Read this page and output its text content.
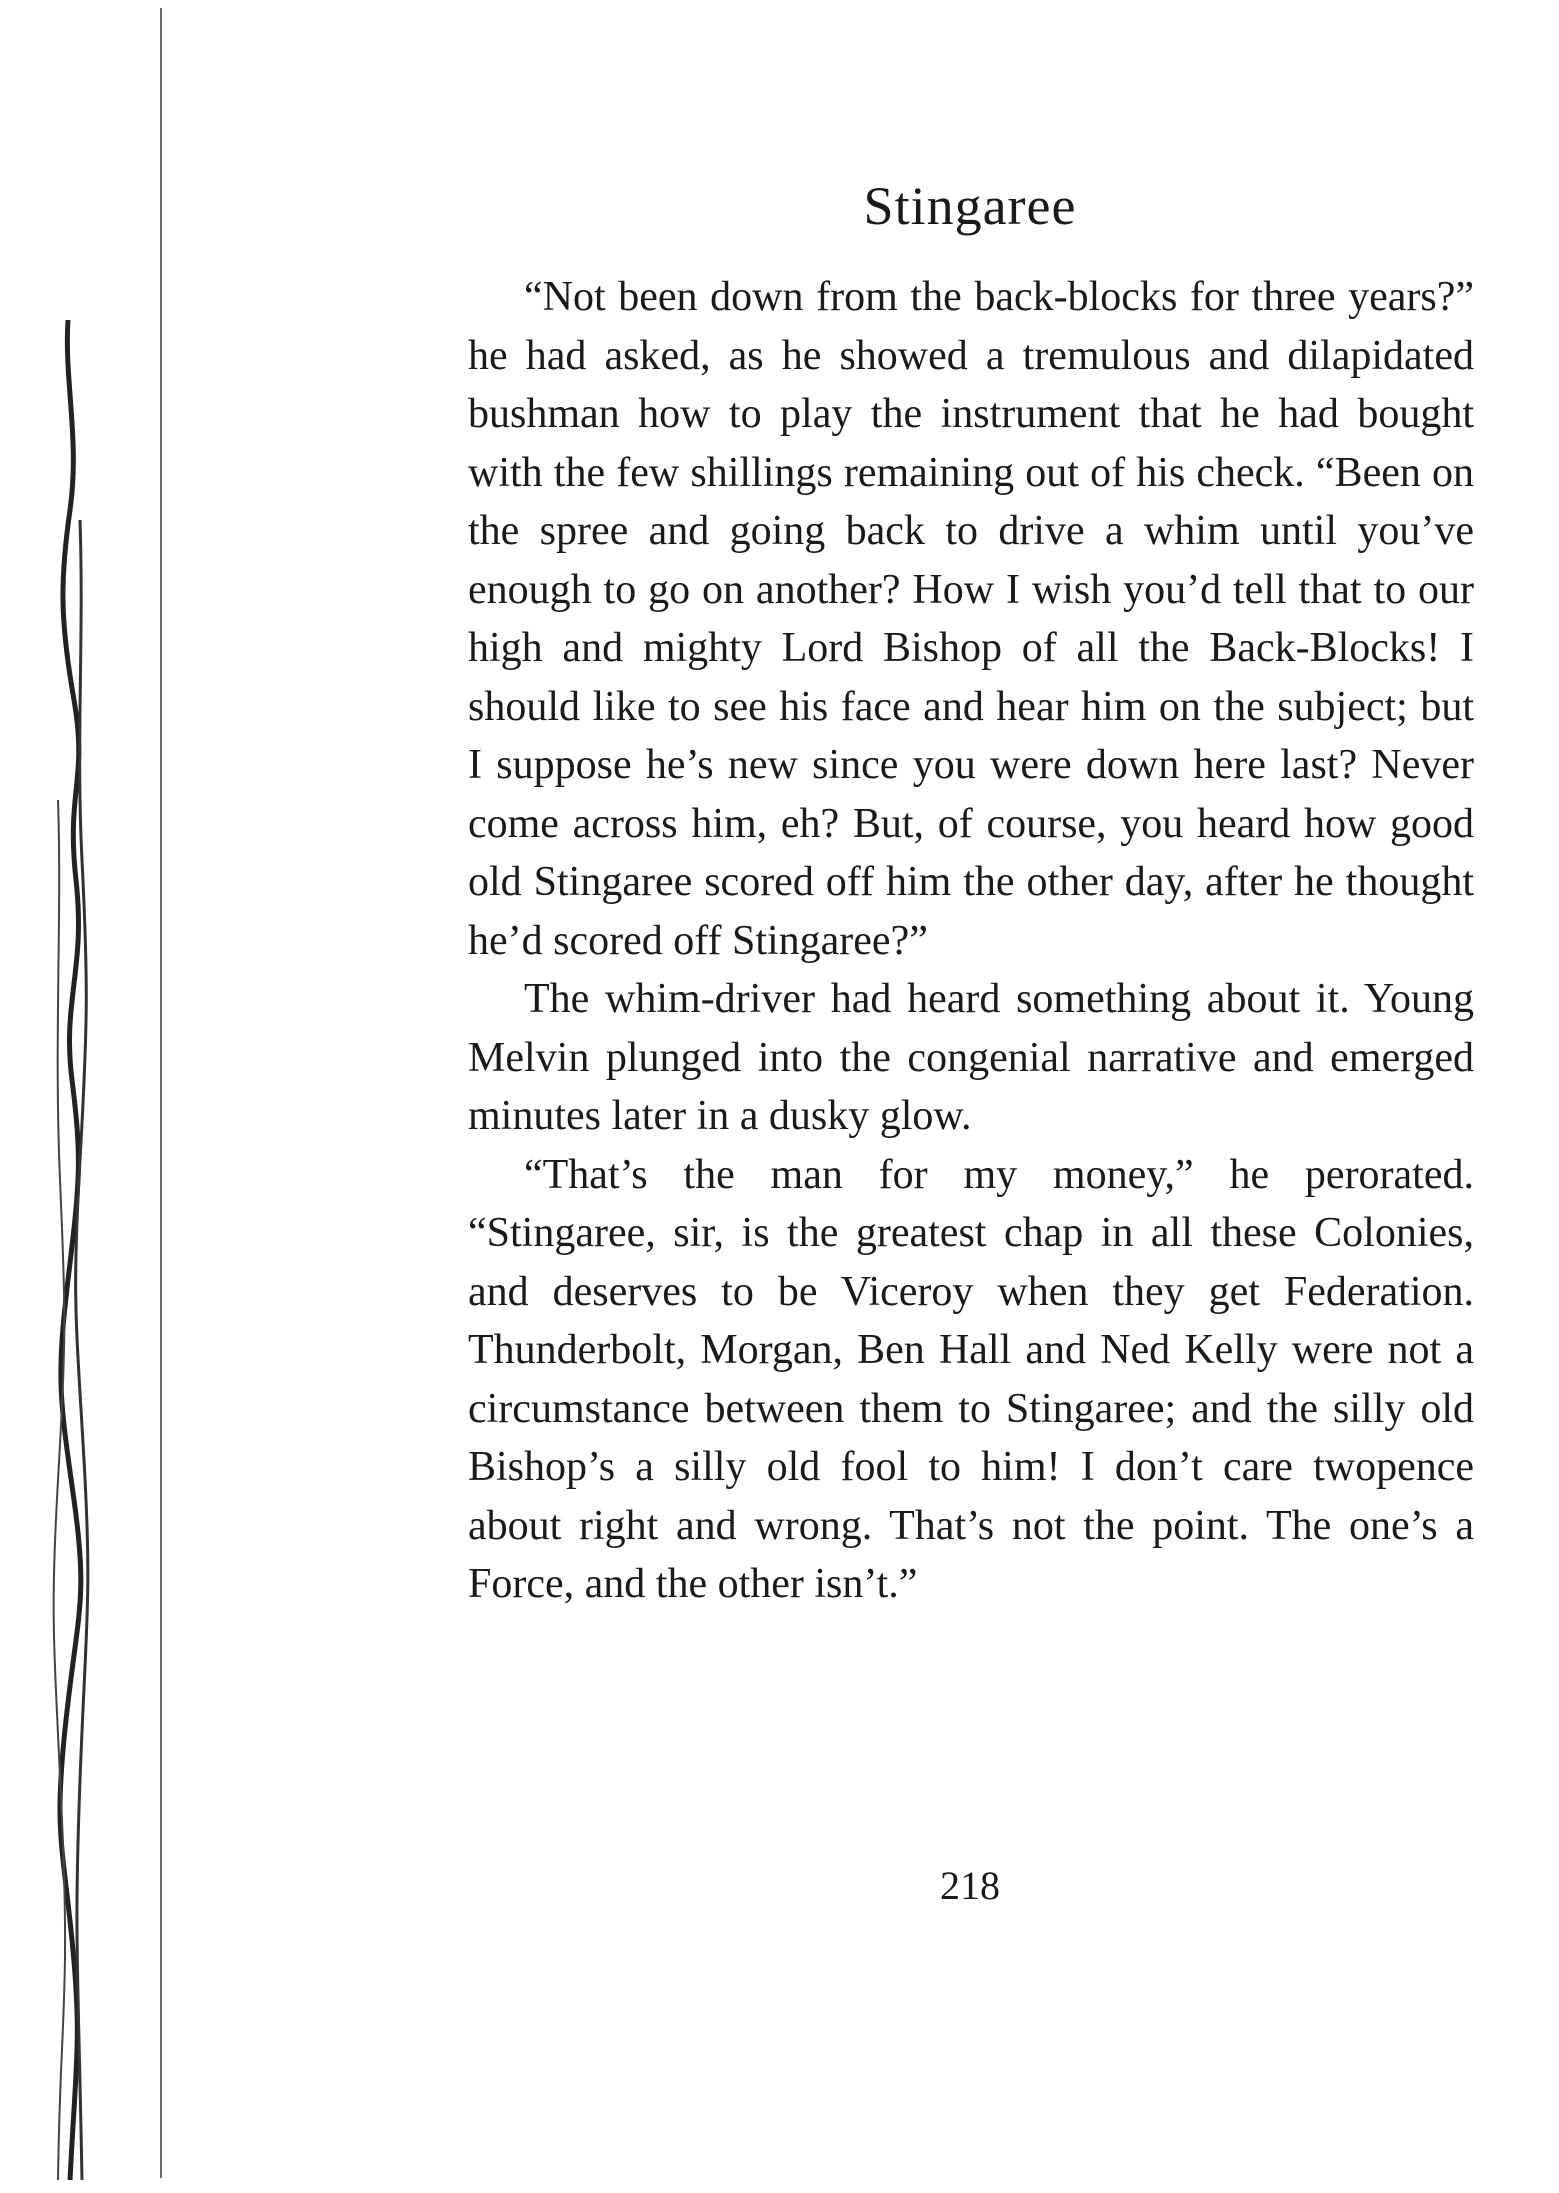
Stingaree

“Not been down from the back-blocks for three years?” he had asked, as he showed a tremulous and dilapidated bushman how to play the instrument that he had bought with the few shillings remaining out of his check. “Been on the spree and going back to drive a whim until you’ve enough to go on another? How I wish you’d tell that to our high and mighty Lord Bishop of all the Back-Blocks! I should like to see his face and hear him on the subject; but I suppose he’s new since you were down here last? Never come across him, eh? But, of course, you heard how good old Stingaree scored off him the other day, after he thought he’d scored off Stingaree?”

The whim-driver had heard something about it. Young Melvin plunged into the congenial narrative and emerged minutes later in a dusky glow.

“That’s the man for my money,” he perorated. “Stingaree, sir, is the greatest chap in all these Colonies, and deserves to be Viceroy when they get Federation. Thunderbolt, Morgan, Ben Hall and Ned Kelly were not a circumstance between them to Stingaree; and the silly old Bishop’s a silly old fool to him! I don’t care twopence about right and wrong. That’s not the point. The one’s a Force, and the other isn’t.”

218
